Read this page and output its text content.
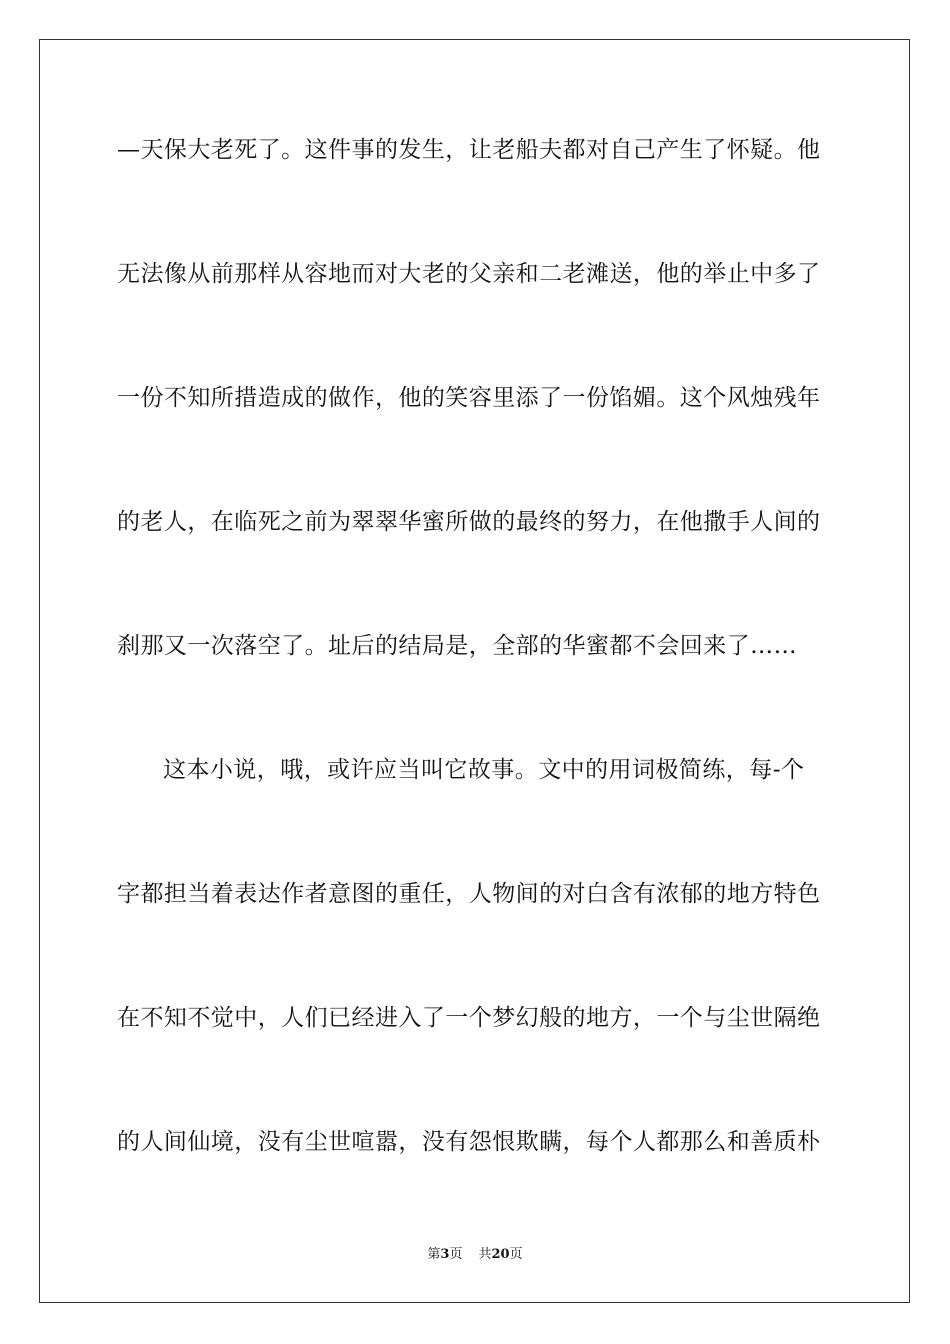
—天保大老死了。这件事的发生，让老船夫都对自己产生了怀疑。他
无法像从前那样从容地而对大老的父亲和二老滩送，他的举止中多了
一份不知所措造成的做作，他的笑容里添了一份馅媚。这个风烛残年
的老人，在临死之前为翠翠华蜜所做的最终的努力，在他撒手人间的
刹那又一次落空了。址后的结局是，全部的华蜜都不会回来了……
这本小说，哦，或许应当叫它故事。文中的用词极简练，每-个
字都担当着表达作者意图的重任，人物间的对白含有浓郁的地方特色
在不知不觉中，人们已经进入了一个梦幻般的地方，一个与尘世隔绝
的人间仙境，没有尘世喧嚣，没有怨恨欺瞒，每个人都那么和善质朴
第3页 共20页
